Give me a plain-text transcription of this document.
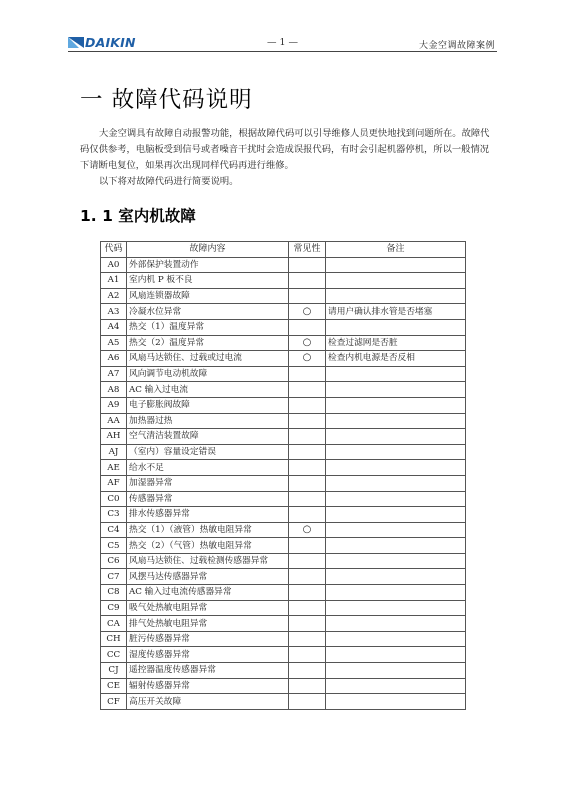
DAIKIN	— 1 —	大金空调故障案例
一 故障代码说明

大金空调具有故障自动报警功能，根据故障代码可以引导维修人员更快地找到问题所在。故障代码仅供参考，电脑板受到信号或者噪音干扰时会造成误报代码，有时会引起机器停机，所以一般情况下请断电复位，如果再次出现同样代码再进行维修。

以下将对故障代码进行简要说明。

1. 1 室内机故障
代码	故障内容	常见性	备注
A0	外部保护装置动作		
A1	室内机 P 板不良		
A2	风扇连锁器故障		
A3	冷凝水位异常	○	请用户确认排水管是否堵塞
A4	热交（1）温度异常		
A5	热交（2）温度异常	○	检查过滤网是否脏
A6	风扇马达锁住、过载或过电流	○	检查内机电源是否反相
A7	风向调节电动机故障		
A8	AC 输入过电流		
A9	电子膨胀阀故障		
AA	加热器过热		
AH	空气清洁装置故障		
AJ	（室内）容量设定错误		
AE	给水不足		
AF	加湿器异常		
C0	传感器异常		
C3	排水传感器异常		
C4	热交（1）（液管）热敏电阻异常	○	
C5	热交（2）（气管）热敏电阻异常		
C6	风扇马达锁住、过载检测传感器异常		
C7	风摆马达传感器异常		
C8	AC 输入过电流传感器异常		
C9	吸气处热敏电阻异常		
CA	排气处热敏电阻异常		
CH	脏污传感器异常		
CC	湿度传感器异常		
CJ	遥控器温度传感器异常		
CE	辐射传感器异常		
CF	高压开关故障		
